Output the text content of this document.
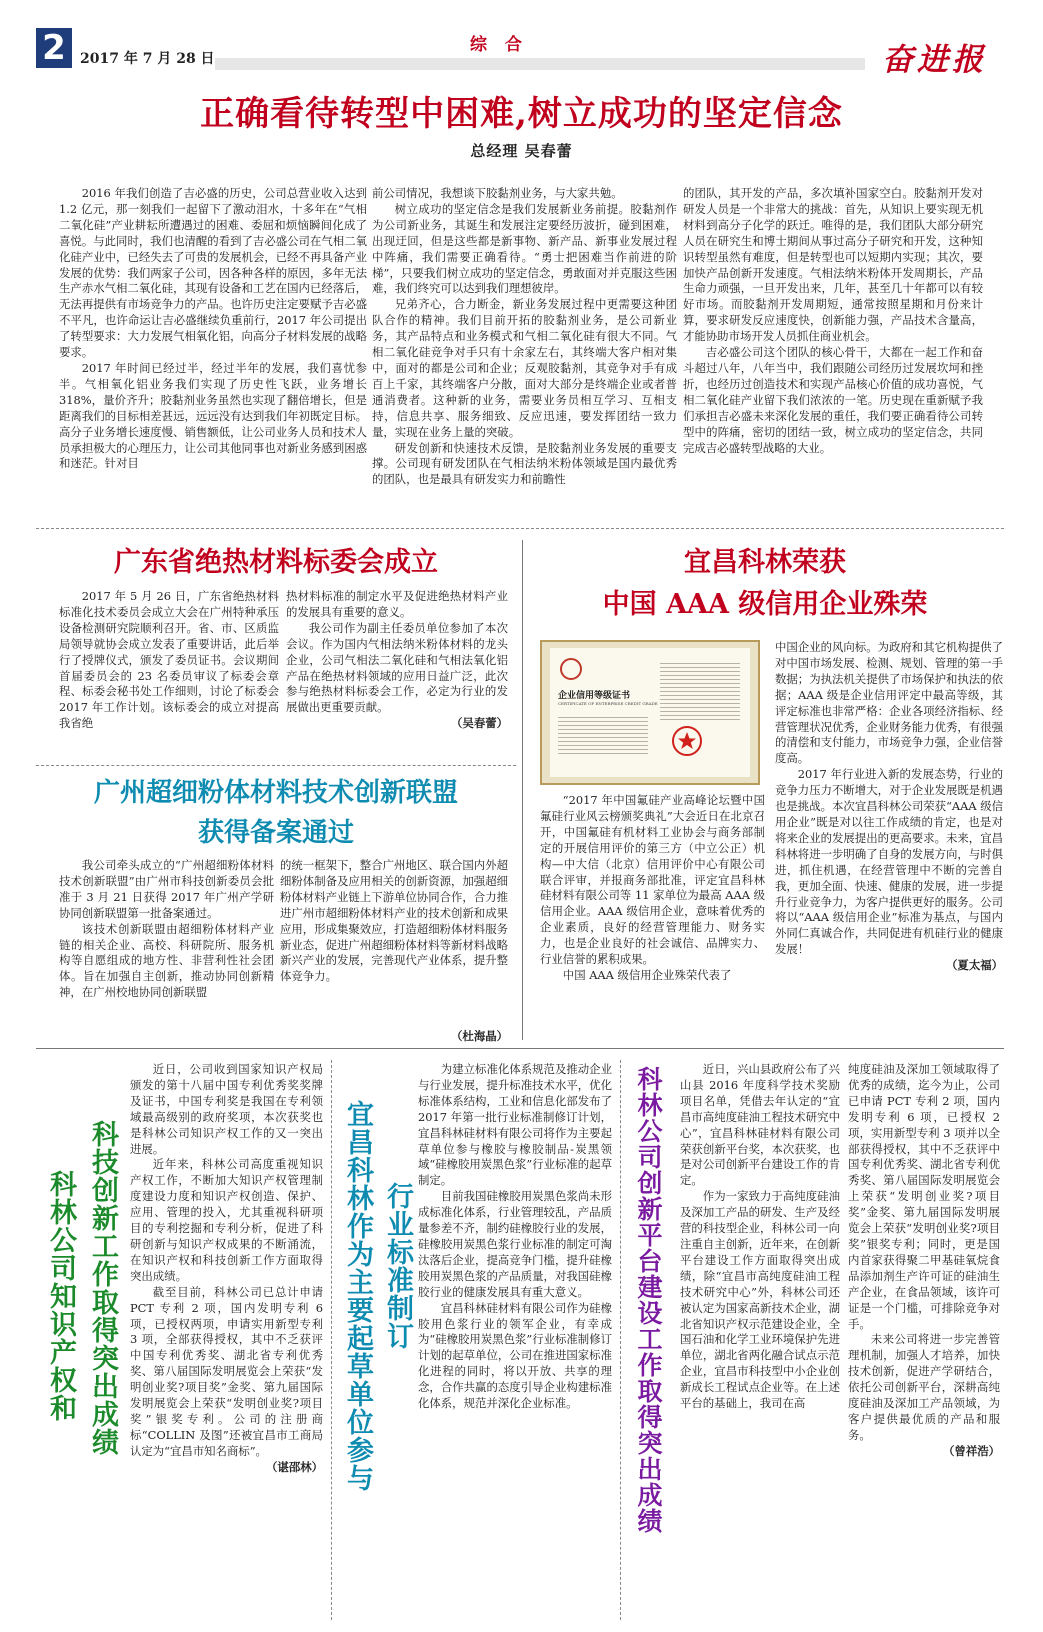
2	2017 年 7 月 28 日
综 合	奋进报
正确看待转型中困难,树立成功的坚定信念
总经理 吴春蕾

2016 年我们创造了吉必盛的历史，公司总营业收入达到 1.2 亿元，那一刻我们一起留下了激动泪水，十多年在“气相二氧化硅”产业耕耘所遭遇过的困难、委屈和烦恼瞬间化成了喜悦。与此同时，我们也清醒的看到了吉必盛公司在气相二氧化硅产业中，已经失去了可贵的发展机会，已经不再具备产业发展的优势：我们两家子公司，因各种各样的原因，多年无法生产赤水气相二氧化硅，其现有设备和工艺在国内已经落后，无法再提供有市场竞争力的产品。也许历史注定要赋予吉必盛不平凡，也许命运让吉必盛继续负重前行，2017 年公司提出了转型要求：大力发展气相氧化铝，向高分子材料发展的战略要求。

2017 年时间已经过半，经过半年的发展，我们喜忧参半。气相氧化铝业务我们实现了历史性飞跃，业务增长 318%，量价齐升；胶黏剂业务虽然也实现了翻倍增长，但是距离我们的目标相差甚远，远远没有达到我们年初既定目标。高分子业务增长速度慢、销售额低，让公司业务人员和技术人员承担极大的心理压力，让公司其他同事也对新业务感到困惑和迷茫。针对目

前公司情况，我想谈下胶黏剂业务，与大家共勉。

树立成功的坚定信念是我们发展新业务前提。胶黏剂作为公司新业务，其诞生和发展注定要经历波折，碰到困难，出现迂回，但是这些都是新事物、新产品、新事业发展过程中阵痛，我们需要正确看待。“勇士把困难当作前进的阶梯”，只要我们树立成功的坚定信念，勇敢面对并克服这些困难，我们终究可以达到我们理想彼岸。

兄弟齐心，合力断金，新业务发展过程中更需要这种团队合作的精神。我们目前开拓的胶黏剂业务，是公司新业务，其产品特点和业务模式和气相二氧化硅有很大不同。气相二氧化硅竞争对手只有十余家左右，其终端大客户相对集中，面对的都是公司和企业；反观胶黏剂，其竞争对手有成百上千家，其终端客户分散，面对大部分是终端企业或者普通消费者。这种新的业务，需要业务员相互学习、互相支持，信息共享、服务细致、反应迅速，要发挥团结一致力量，实现在业务上量的突破。

研发创新和快速技术反馈，是胶黏剂业务发展的重要支撑。公司现有研发团队在气相法纳米粉体领域是国内最优秀的团队，也是最具有研发实力和前瞻性

的团队，其开发的产品，多次填补国家空白。胶黏剂开发对研发人员是一个非常大的挑战：首先，从知识上要实现无机材料到高分子化学的跃迁。唯得的是，我们团队大部分研究人员在研究生和博士期间从事过高分子研究和开发，这种知识转型虽然有难度，但是转型也可以短期内实现；其次，要加快产品创新开发速度。气相法纳米粉体开发周期长，产品生命力顽强，一旦开发出来，几年，甚至几十年都可以有较好市场。而胶黏剂开发周期短，通常按照星期和月份来计算，要求研发反应速度快，创新能力强，产品技术含量高，才能协助市场开发人员抓住商业机会。

吉必盛公司这个团队的核心骨干，大都在一起工作和奋斗超过八年，八年当中，我们跟随公司经历过发展坎坷和挫折，也经历过创造技术和实现产品核心价值的成功喜悦，气相二氧化硅产业留下我们浓浓的一笔。历史现在重新赋予我们承担吉必盛未来深化发展的重任，我们要正确看待公司转型中的阵痛，密切的团结一致，树立成功的坚定信念，共同完成吉必盛转型战略的大业。

广东省绝热材料标委会成立

2017 年 5 月 26 日，广东省绝热材料标准化技术委员会成立大会在广州特种承压设备检测研究院顺利召开。省、市、区质监局领导就协会成立发表了重要讲话，此后举行了授牌仪式，颁发了委员证书。会议期间首届委员会的 23 名委员审议了标委会章程、标委会秘书处工作细则，讨论了标委会 2017 年工作计划。该标委会的成立对提高我省绝

热材料标准的制定水平及促进绝热材料产业的发展具有重要的意义。

我公司作为副主任委员单位参加了本次会议。作为国内气相法纳米粉体材料的龙头企业，公司气相法二氧化硅和气相法氧化铝产品在绝热材料领域的应用日益广泛，此次参与绝热材料标委会工作，必定为行业的发展做出更重要贡献。

（吴春蕾）
广州超细粉体材料技术创新联盟
获得备案通过

我公司牵头成立的“广州超细粉体材料技术创新联盟”由广州市科技创新委员会批准于 3 月 21 日获得 2017 年广州产学研协同创新联盟第一批备案通过。

该技术创新联盟由超细粉体材料产业链的相关企业、高校、科研院所、服务机构等自愿组成的地方性、非营利性社会团体。旨在加强自主创新，推动协同创新精神，在广州校地协同创新联盟

的统一框架下，整合广州地区、联合国内外超细粉体制备及应用相关的创新资源，加强超细粉体材料产业链上下游单位协同合作，合力推进广州市超细粉体材料产业的技术创新和成果应用，形成集聚效应，打造超细粉体材料服务新业态，促进广州超细粉体材料等新材料战略新兴产业的发展，完善现代产业体系，提升整体竞争力。

（杜海晶）
宜昌科林荣获
中国 AAA 级信用企业殊荣
企业信用等级证书
CERTIFICATE OF ENTERPRISE CREDIT GRADE

“2017 年中国氟硅产业高峰论坛暨中国氟硅行业风云榜颁奖典礼”大会近日在北京召开，中国氟硅有机材料工业协会与商务部制定的开展信用评价的第三方（中立公正）机构—中大信（北京）信用评价中心有限公司联合评审，并报商务部批准，评定宜昌科林硅材料有限公司等 11 家单位为最高 AAA 级信用企业。AAA 级信用企业，意味着优秀的企业素质，良好的经营管理能力、财务实力，也是企业良好的社会诚信、品牌实力、行业信誉的累积成果。

中国 AAA 级信用企业殊荣代表了

中国企业的风向标。为政府和其它机构提供了对中国市场发展、检测、规划、管理的第一手数据；为执法机关提供了市场保护和执法的依据；AAA 级是企业信用评定中最高等级，其评定标准也非常严格：企业各项经济指标、经营管理状况优秀，企业财务能力优秀，有很强的清偿和支付能力，市场竞争力强，企业信誉度高。

2017 年行业进入新的发展态势，行业的竞争力压力不断增大，对于企业发展既是机遇也是挑战。本次宜昌科林公司荣获“AAA 级信用企业”既是对以往工作成绩的肯定，也是对将来企业的发展提出的更高要求。未来，宜昌科林将进一步明确了自身的发展方向，与时俱进，抓住机遇，在经营管理中不断的完善自我，更加全面、快速、健康的发展，进一步提升行业竞争力，为客户提供更好的服务。公司将以“AAA 级信用企业”标准为基点，与国内外同仁真诚合作，共同促进有机硅行业的健康发展！

（夏太福）
科林公司知识产权和 科技创新工作取得突出成绩

近日，公司收到国家知识产权局颁发的第十八届中国专利优秀奖奖牌及证书，中国专利奖是我国在专利领域最高级别的政府奖项，本次获奖也是科林公司知识产权工作的又一突出进展。

近年来，科林公司高度重视知识产权工作，不断加大知识产权管理制度建设力度和知识产权创造、保护、应用、管理的投入，尤其重视科研项目的专利挖掘和专利分析，促进了科研创新与知识产权成果的不断涌流，在知识产权和科技创新工作方面取得突出成绩。

截至目前，科林公司已总计申请 PCT 专利 2 项，国内发明专利 6 项，已授权两项，申请实用新型专利 3 项，全部获得授权，其中不乏获评中国专利优秀奖、湖北省专利优秀奖、第八届国际发明展览会上荣获“发明创业奖?项目奖”金奖、第九届国际发明展览会上荣获“发明创业奖?项目奖”银奖专利。公司的注册商标“COLLIN 及图”还被宜昌市工商局认定为“宜昌市知名商标”。

（谌邵林） 宜昌科林作为主要起草单位参与 行业标准制订

为建立标准化体系规范及推动企业与行业发展，提升标准技术水平，优化标准体系结构，工业和信息化部发布了 2017 年第一批行业标准制修订计划，宜昌科林硅材料有限公司将作为主要起草单位参与橡胶与橡胶制品-炭黑领域“硅橡胶用炭黑色浆”行业标准的起草制定。

目前我国硅橡胶用炭黑色浆尚未形成标准化体系，行业管理较乱，产品质量参差不齐，制约硅橡胶行业的发展，硅橡胶用炭黑色浆行业标准的制定可淘汰落后企业，提高竞争门槛，提升硅橡胶用炭黑色浆的产品质量，对我国硅橡胶行业的健康发展具有重大意义。

宜昌科林硅材料有限公司作为硅橡胶用色浆行业的领军企业，有幸成为“硅橡胶用炭黑色浆”行业标准制修订计划的起草单位，公司在推进国家标准化进程的同时，将以开放、共享的理念，合作共赢的态度引导企业构建标准化体系，规范并深化企业标准。	科林公司创新平台建设工作取得突出成绩	近日，兴山县政府公布了兴山县 2016 年度科学技术奖励项目名单，凭借去年认定的“宜昌市高纯度硅油工程技术研究中心”，宜昌科林硅材料有限公司荣获创新平台奖，本次获奖，也是对公司创新平台建设工作的肯定。

作为一家致力于高纯度硅油及深加工产品的研发、生产及经营的科技型企业，科林公司一向注重自主创新，近年来，在创新平台建设工作方面取得突出成绩，除“宜昌市高纯度硅油工程技术研究中心”外，科林公司还被认定为国家高新技术企业，湖北省知识产权示范建设企业，全国石油和化学工业环境保护先进单位，湖北省两化融合试点示范企业，宜昌市科技型中小企业创新成长工程试点企业等。在上述平台的基础上，我司在高

纯度硅油及深加工领域取得了优秀的成绩，迄今为止，公司已申请 PCT 专利 2 项，国内发明专利 6 项，已授权 2 项，实用新型专利 3 项并以全部获得授权，其中不乏获评中国专利优秀奖、湖北省专利优秀奖、第八届国际发明展览会上荣获“发明创业奖?项目奖”金奖、第九届国际发明展览会上荣获“发明创业奖?项目奖”银奖专利；同时，更是国内首家获得聚二甲基硅氧烷食品添加剂生产许可证的硅油生产企业，在食品领域，该许可证是一个门槛，可排除竞争对手。

未来公司将进一步完善管理机制，加强人才培养，加快技术创新，促进产学研结合，依托公司创新平台，深耕高纯度硅油及深加工产品领域，为客户提供最优质的产品和服务。

（曾祥浩）
